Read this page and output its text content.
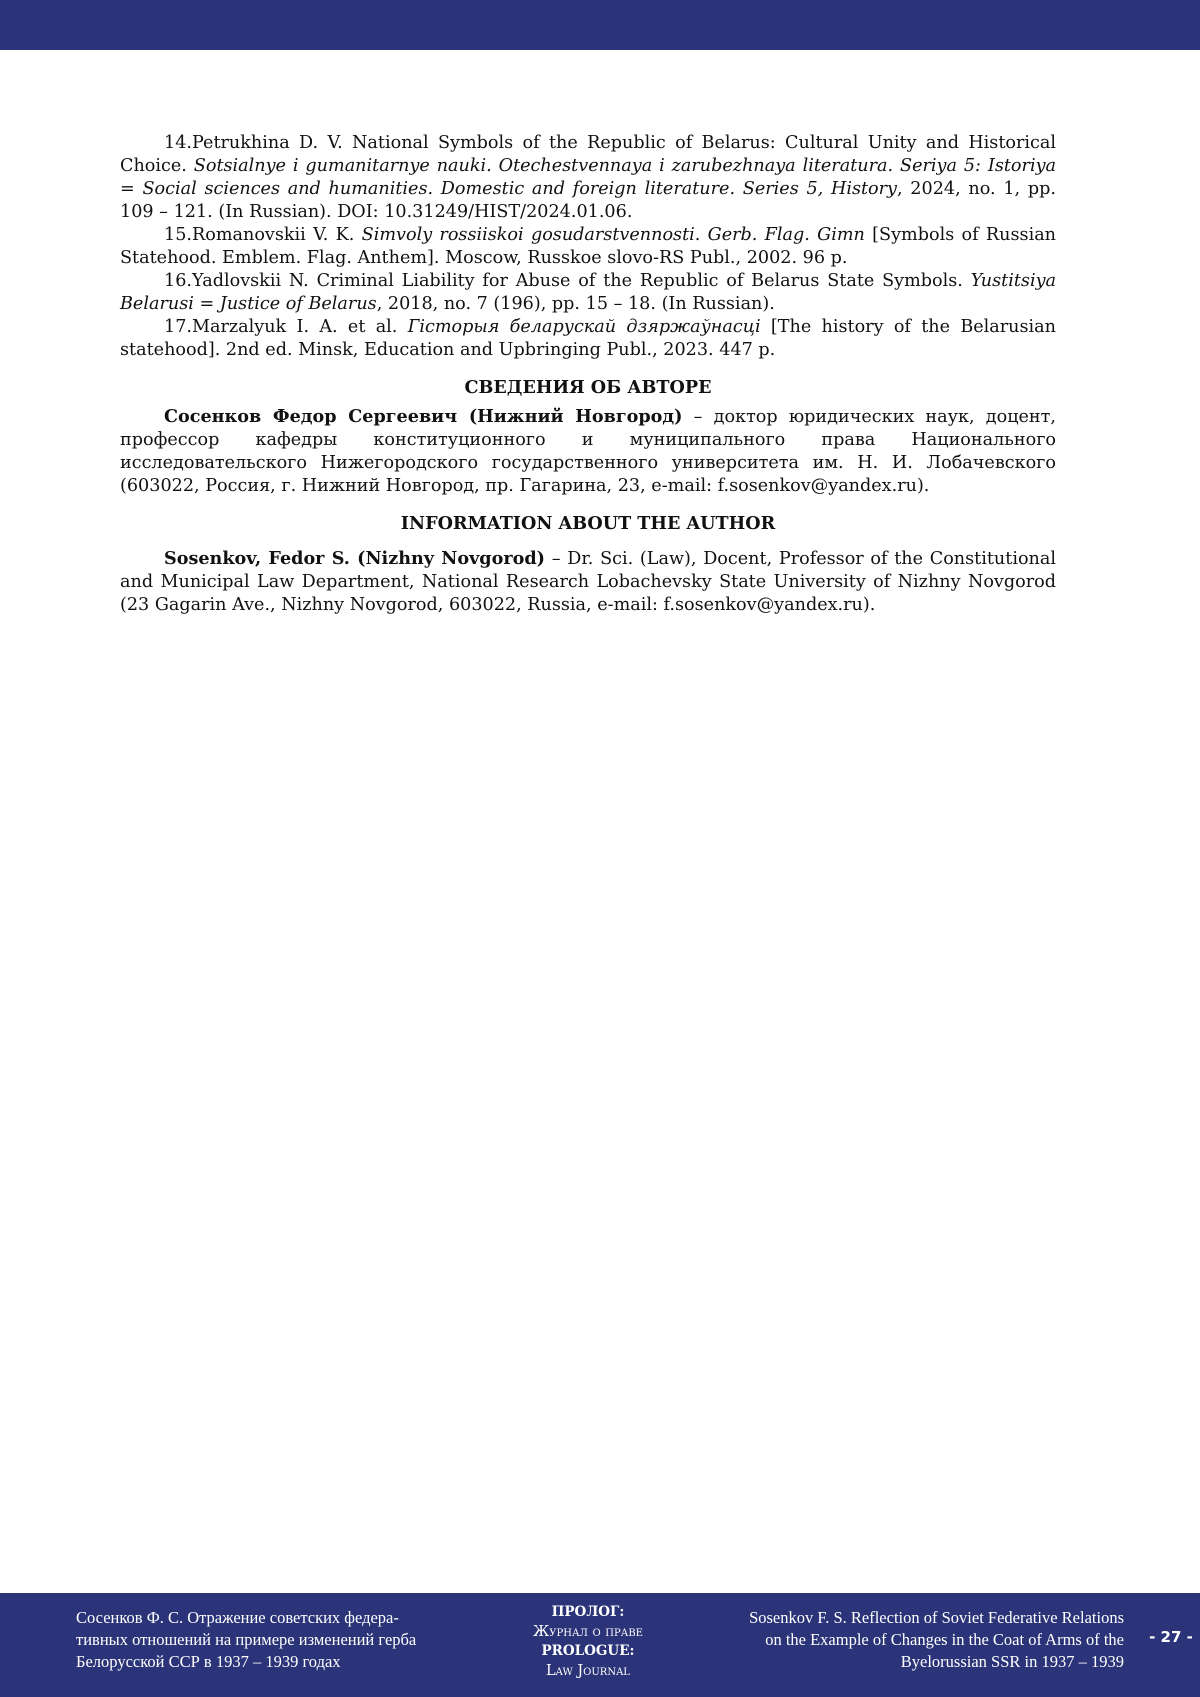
14.Petrukhina D. V. National Symbols of the Republic of Belarus: Cultural Unity and Historical Choice. Sotsialnye i gumanitarnye nauki. Otechestvennaya i zarubezhnaya literatura. Seriya 5: Istoriya = Social sciences and humanities. Domestic and foreign literature. Series 5, History, 2024, no. 1, pp. 109 – 121. (In Russian). DOI: 10.31249/HIST/2024.01.06.

15.Romanovskii V. K. Simvoly rossiiskoi gosudarstvennosti. Gerb. Flag. Gimn [Symbols of Russian Statehood. Emblem. Flag. Anthem]. Moscow, Russkoe slovo-RS Publ., 2002. 96 p.

16.Yadlovskii N. Criminal Liability for Abuse of the Republic of Belarus State Symbols. Yustitsiya Belarusi = Justice of Belarus, 2018, no. 7 (196), pp. 15 – 18. (In Russian).

17.Marzalyuk I. A. et al. Гісторыя беларускай дзяржаўнасці [The history of the Belarusian statehood]. 2nd ed. Minsk, Education and Upbringing Publ., 2023. 447 p.

СВЕДЕНИЯ ОБ АВТОРЕ

Сосенков Федор Сергеевич (Нижний Новгород) – доктор юридических наук, доцент, профессор кафедры конституционного и муниципального права Национального исследовательского Нижегородского государственного университета им. Н. И. Лобачевского (603022, Россия, г. Нижний Новгород, пр. Гагарина, 23, e-mail: f.sosenkov@yandex.ru).

INFORMATION ABOUT THE AUTHOR

Sosenkov, Fedor S. (Nizhny Novgorod) – Dr. Sci. (Law), Docent, Professor of the Constitutional and Municipal Law Department, National Research Lobachevsky State University of Nizhny Novgorod (23 Gagarin Ave., Nizhny Novgorod, 603022, Russia, e-mail: f.sosenkov@yandex.ru).

Сосенков Ф. С. Отражение советских федера-
тивных отношений на примере изменений герба
Белорусской ССР в 1937 – 1939 годах
ПРОЛОГ:
Журнал о праве
PROLOGUE:
Law Journal
Sosenkov F. S. Reflection of Soviet Federative Relations
on the Example of Changes in the Coat of Arms of the
Byelorussian SSR in 1937 – 1939
- 27 -
